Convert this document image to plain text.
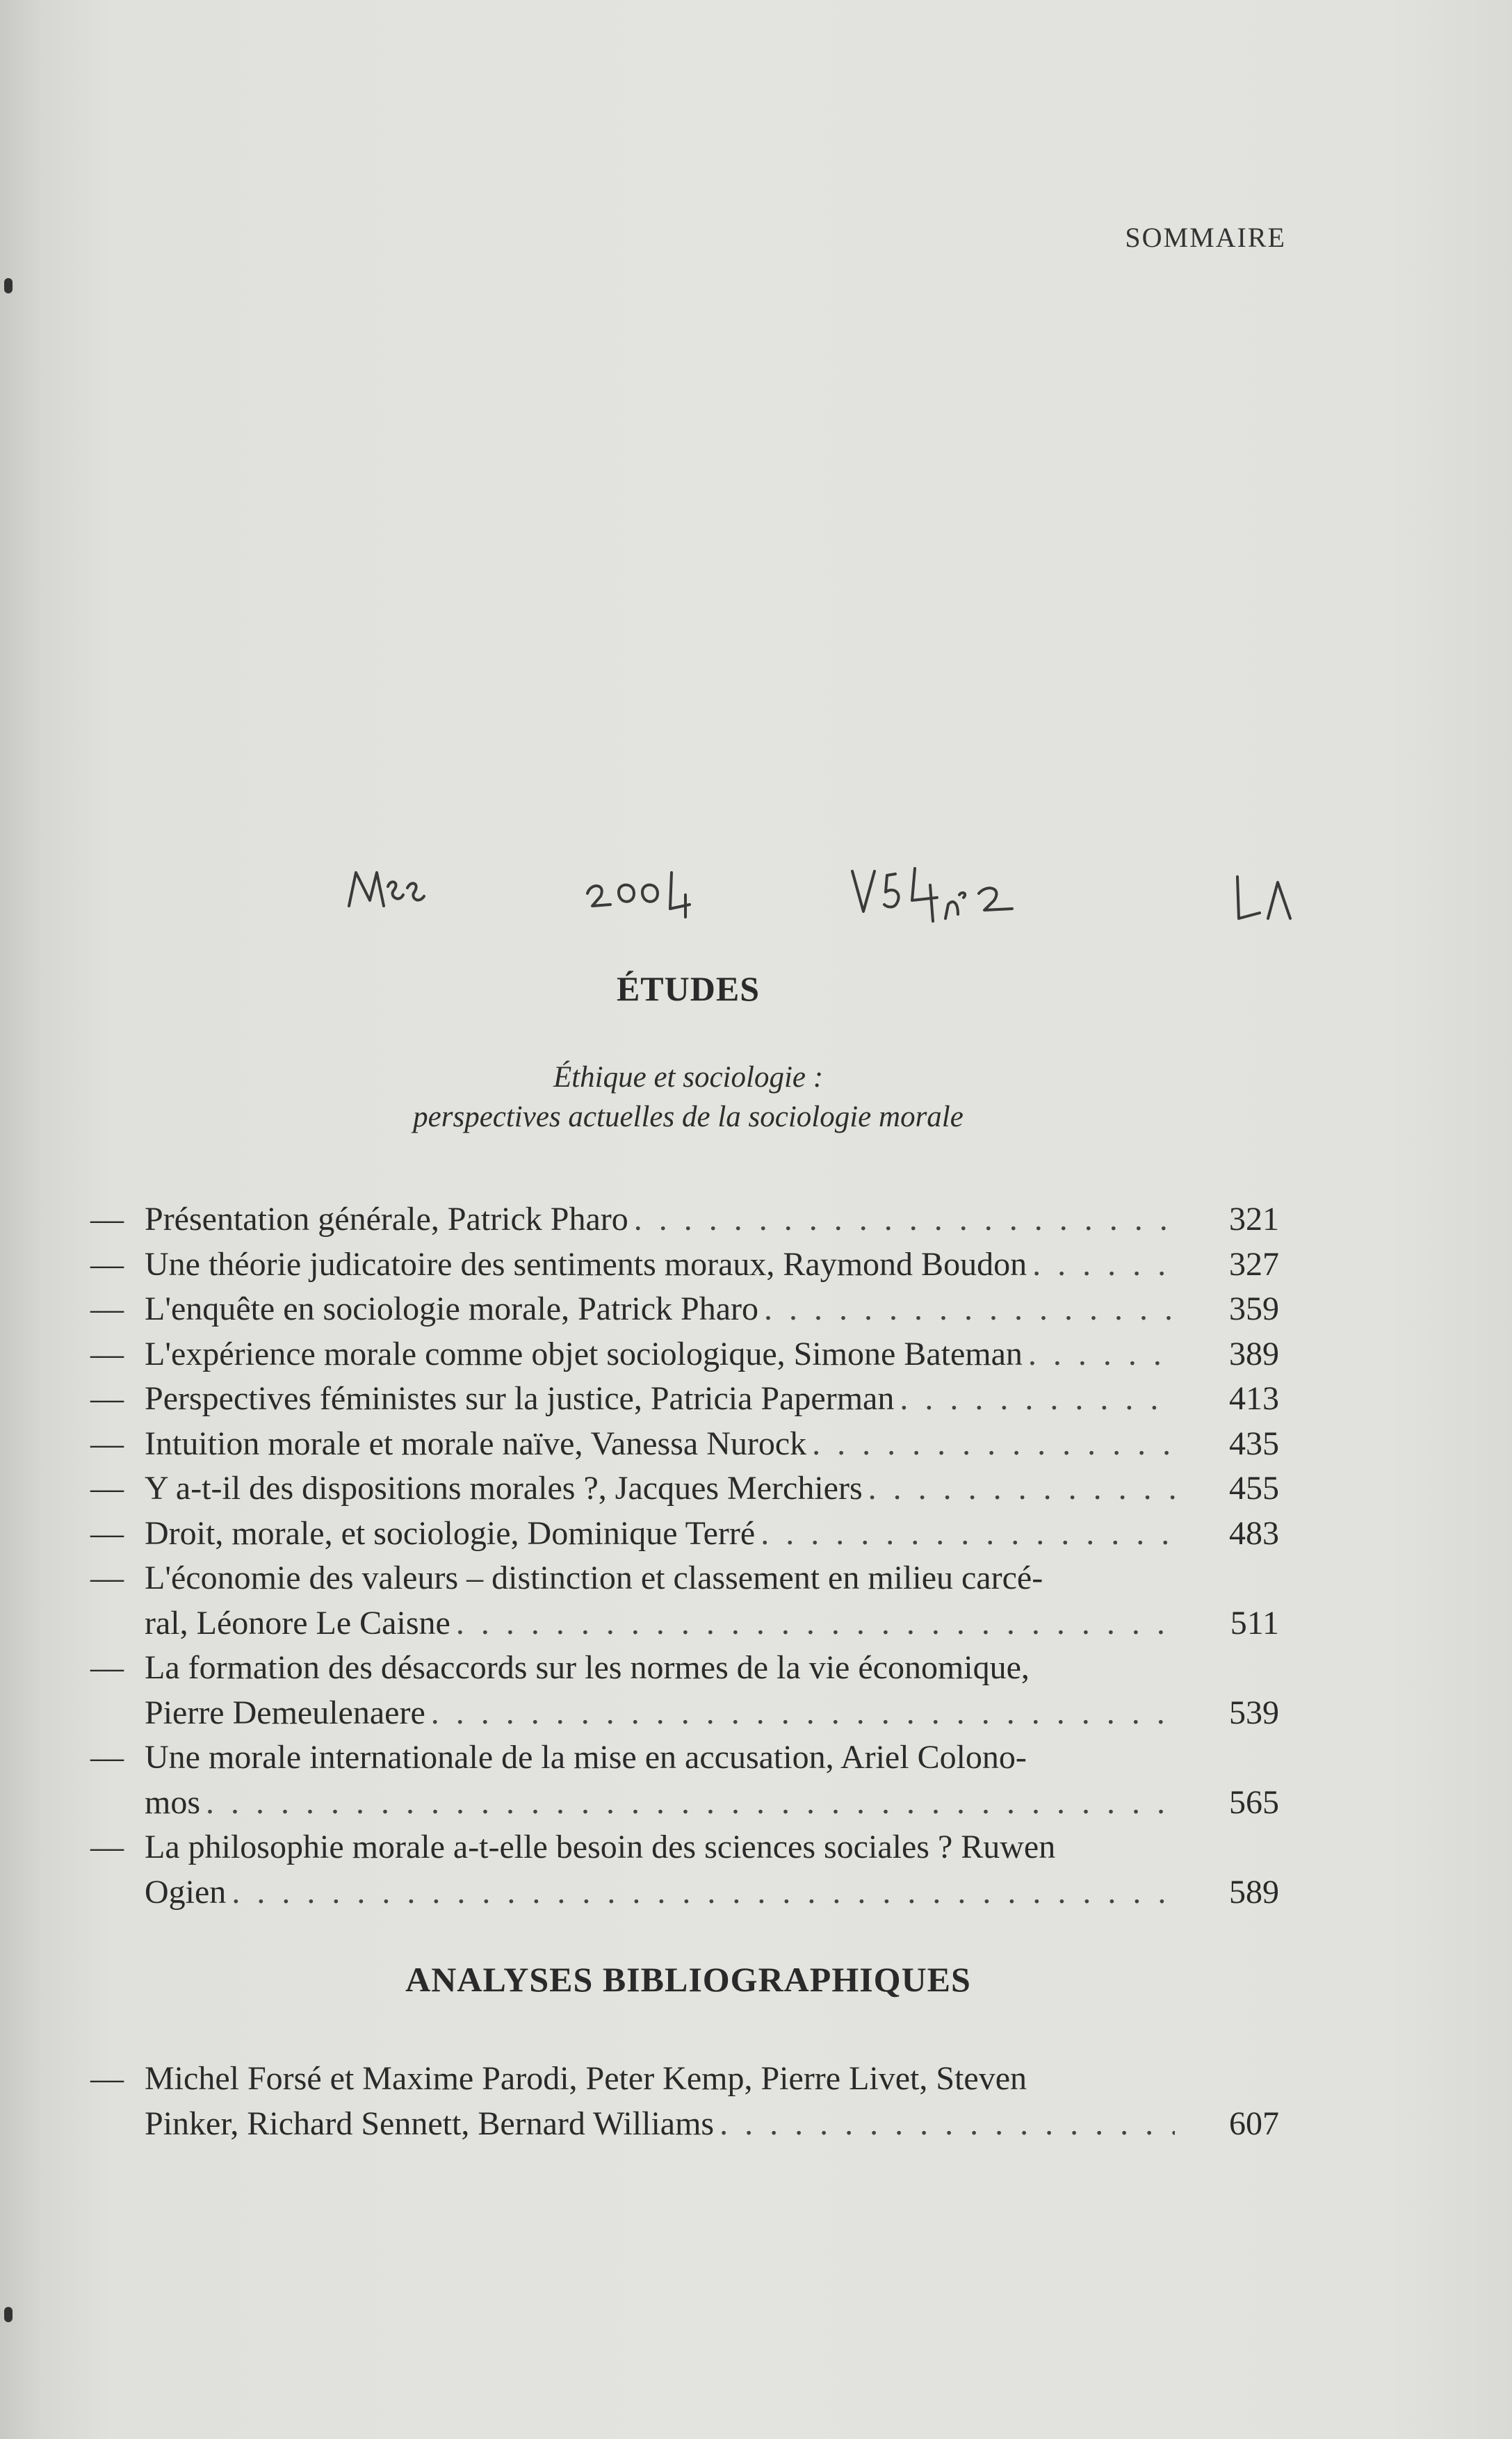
SOMMAIRE
ÉTUDES
Éthique et sociologie :
perspectives actuelles de la sociologie morale
— Présentation générale, Patrick Pharo . . .	321
— Une théorie judicatoire des sentiments moraux, Raymond Boudon . . .	327
— L'enquête en sociologie morale, Patrick Pharo . . .	359
— L'expérience morale comme objet sociologique, Simone Bateman . . .	389
— Perspectives féministes sur la justice, Patricia Paperman . . .	413
— Intuition morale et morale naïve, Vanessa Nurock . . .	435
— Y a-t-il des dispositions morales ?, Jacques Merchiers . . .	455
— Droit, morale, et sociologie, Dominique Terré . . .	483
— L'économie des valeurs – distinction et classement en milieu carcé-
ral, Léonore Le Caisne . . .	511
— La formation des désaccords sur les normes de la vie économique,
Pierre Demeulenaere . . .	539
— Une morale internationale de la mise en accusation, Ariel Colono-
mos . . .	565
— La philosophie morale a-t-elle besoin des sciences sociales ? Ruwen
Ogien . . .	589
ANALYSES BIBLIOGRAPHIQUES
— Michel Forsé et Maxime Parodi, Peter Kemp, Pierre Livet, Steven
Pinker, Richard Sennett, Bernard Williams . . .	607
